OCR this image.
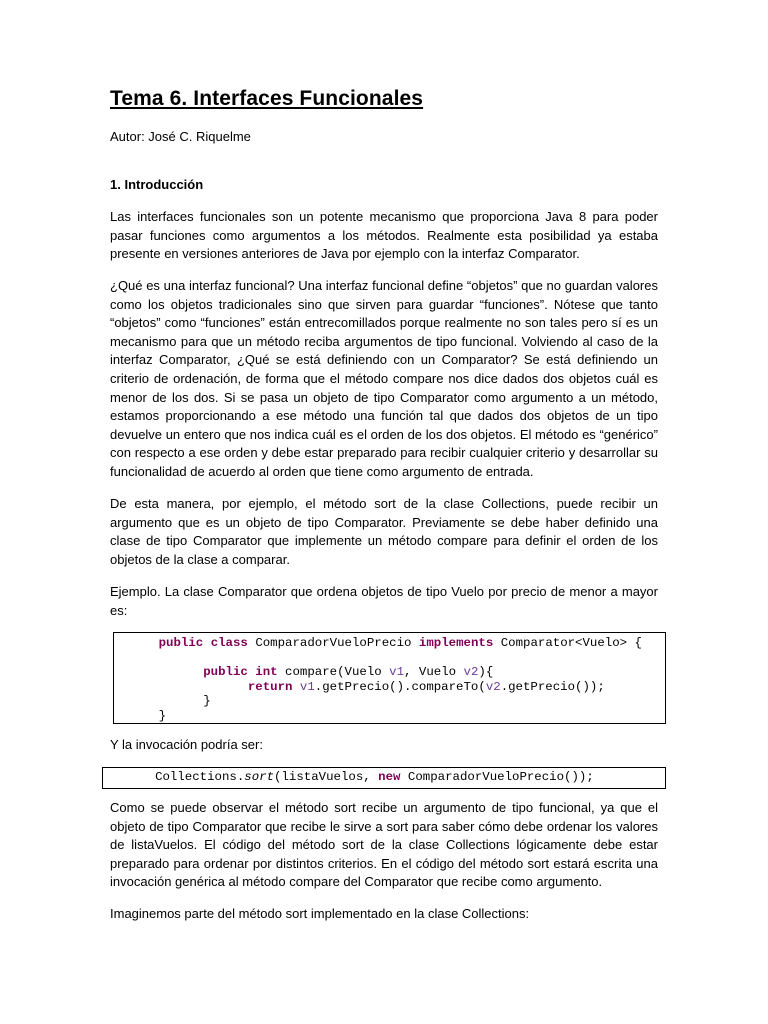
Tema 6. Interfaces Funcionales
Autor: José C. Riquelme
1. Introducción

Las interfaces funcionales son un potente mecanismo que proporciona Java 8 para poder pasar funciones como argumentos a los métodos. Realmente esta posibilidad ya estaba presente en versiones anteriores de Java por ejemplo con la interfaz Comparator.

¿Qué es una interfaz funcional? Una interfaz funcional define “objetos” que no guardan valores como los objetos tradicionales sino que sirven para guardar “funciones”. Nótese que tanto “objetos” como “funciones” están entrecomillados porque realmente no son tales pero sí es un mecanismo para que un método reciba argumentos de tipo funcional. Volviendo al caso de la interfaz Comparator, ¿Qué se está definiendo con un Comparator? Se está definiendo un criterio de ordenación, de forma que el método compare nos dice dados dos objetos cuál es menor de los dos. Si se pasa un objeto de tipo Comparator como argumento a un método, estamos proporcionando a ese método una función tal que dados dos objetos de un tipo devuelve un entero que nos indica cuál es el orden de los dos objetos. El método es “genérico” con respecto a ese orden y debe estar preparado para recibir cualquier criterio y desarrollar su funcionalidad de acuerdo al orden que tiene como argumento de entrada.

De esta manera, por ejemplo, el método sort de la clase Collections, puede recibir un argumento que es un objeto de tipo Comparator. Previamente se debe haber definido una clase de tipo Comparator que implemente un método compare para definir el orden de los objetos de la clase a comparar.

Ejemplo. La clase Comparator que ordena objetos de tipo Vuelo por precio de menor a mayor es:

public class ComparadorVueloPrecio implements Comparator<Vuelo> {

public int compare(Vuelo v1, Vuelo v2){
return v1.getPrecio().compareTo(v2.getPrecio());
}
}

Y la invocación podría ser:

Collections.sort(listaVuelos, new ComparadorVueloPrecio());

Como se puede observar el método sort recibe un argumento de tipo funcional, ya que el objeto de tipo Comparator que recibe le sirve a sort para saber cómo debe ordenar los valores de listaVuelos. El código del método sort de la clase Collections lógicamente debe estar preparado para ordenar por distintos criterios. En el código del método sort estará escrita una invocación genérica al método compare del Comparator que recibe como argumento.

Imaginemos parte del método sort implementado en la clase Collections:
